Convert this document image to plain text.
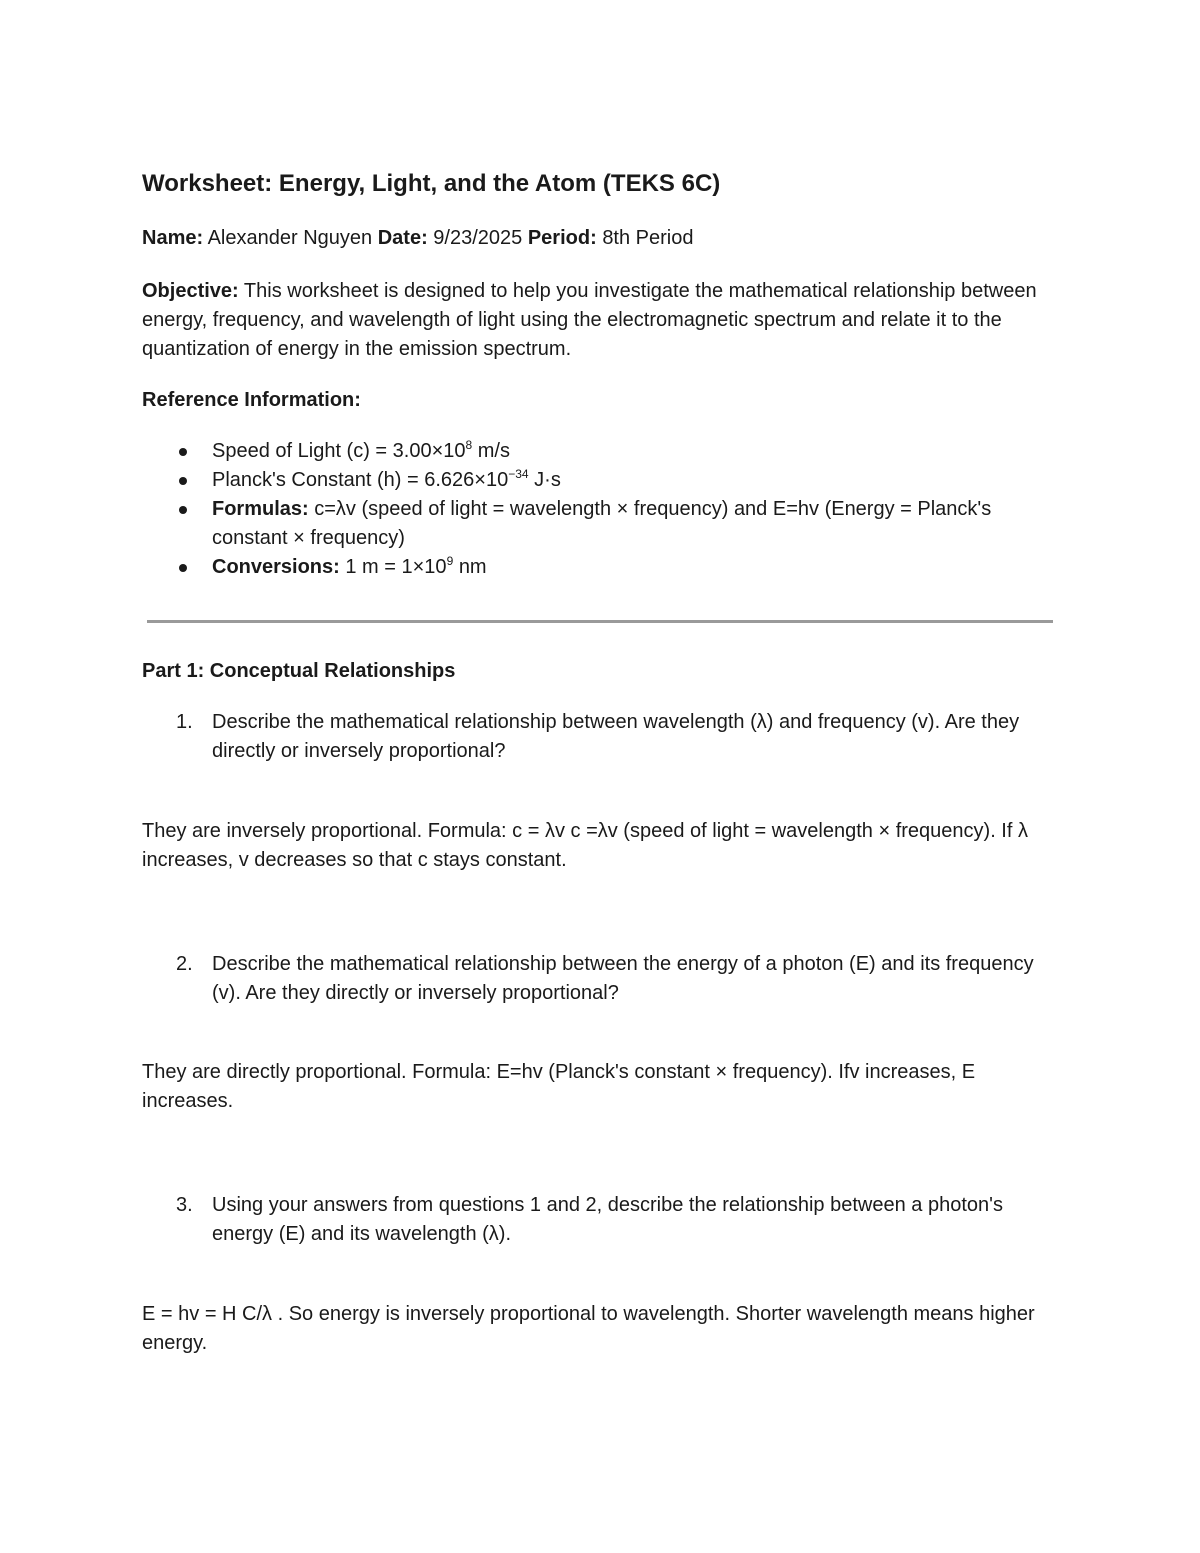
Worksheet: Energy, Light, and the Atom (TEKS 6C)
Name: Alexander Nguyen Date: 9/23/2025 Period: 8th Period
Objective: This worksheet is designed to help you investigate the mathematical relationship between energy, frequency, and wavelength of light using the electromagnetic spectrum and relate it to the quantization of energy in the emission spectrum.
Reference Information:
Speed of Light $(c) = 3.00\times 10^8$ m/s
Planck's Constant $(h) = 6.626\times 10^{-34}$ J·s
Formulas: c=λv (speed of light = wavelength × frequency) and E=hv (Energy = Planck's constant × frequency)
Conversions: 1 $m = 1\times 10^9$ nm
Part 1: Conceptual Relationships
1. Describe the mathematical relationship between wavelength (λ) and frequency (v). Are they directly or inversely proportional?
They are inversely proportional. Formula: c = λv c =λv (speed of light = wavelength × frequency). If λ increases, v decreases so that c stays constant.
2. Describe the mathematical relationship between the energy of a photon (E) and its frequency (v). Are they directly or inversely proportional?
They are directly proportional. Formula: E=hv (Planck's constant × frequency). Ifv increases, E increases.
3. Using your answers from questions 1 and 2, describe the relationship between a photon's energy (E) and its wavelength (λ).
E = hv = H C/λ . So energy is inversely proportional to wavelength. Shorter wavelength means higher energy.
